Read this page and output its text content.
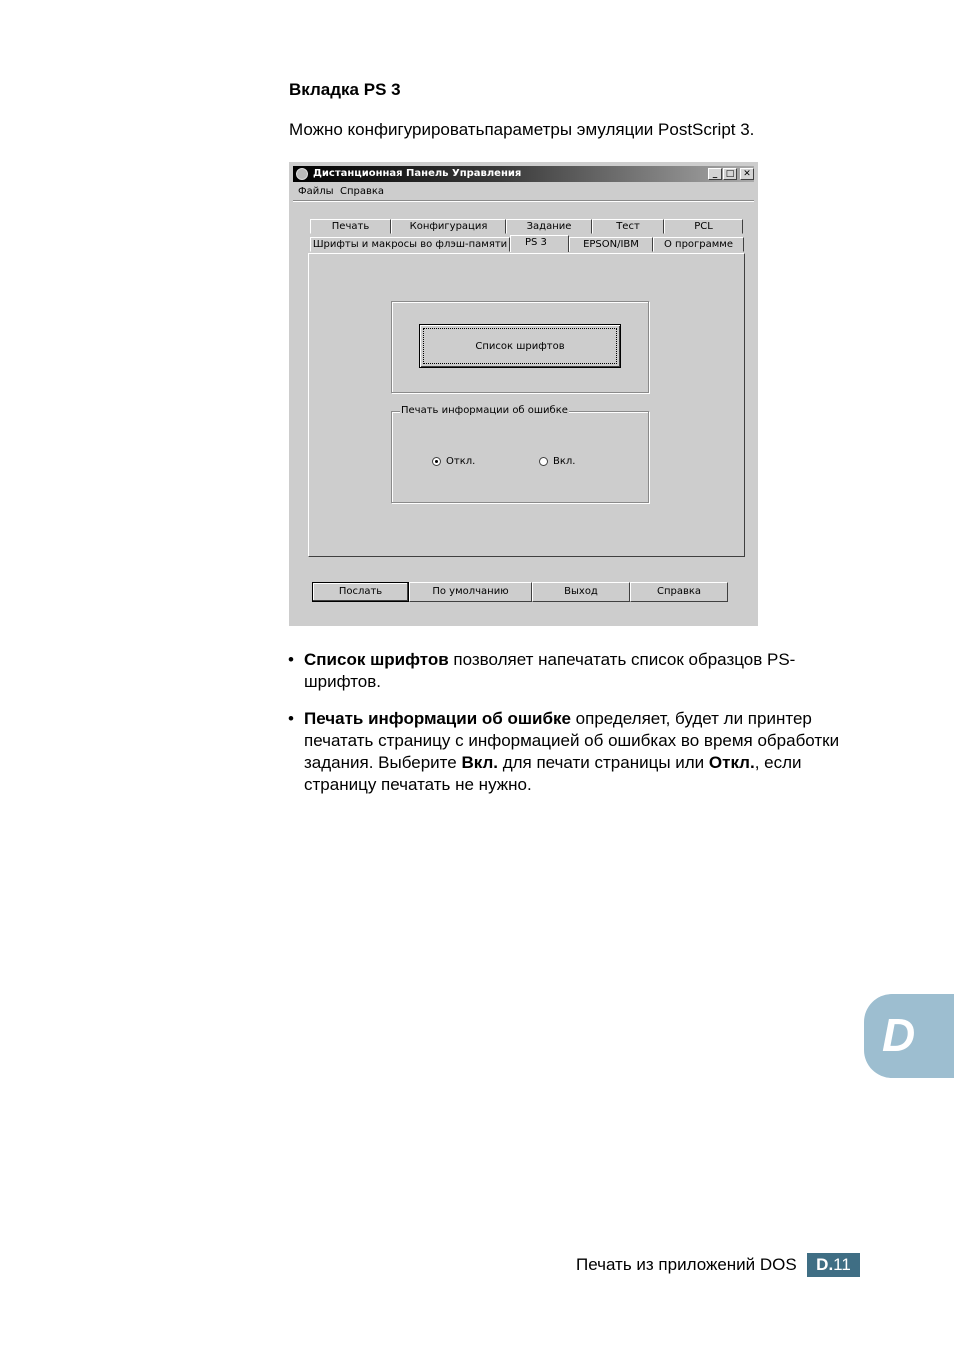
Вкладка PS 3
Можно конфигурироватьпараметры эмуляции PostScript 3.
Дистанционная Панель Управления	_ □ ✕
Файлы Справка
Печать	Конфигурация	Задание	Тест	PCL
Шрифты и макросы во флэш-памяти	PS 3	EPSON/IBM	О программе
Список шрифтов
Печать информации об ошибке
Откл.	Вкл.
Послать	По умолчанию	Выход	Справка
• Список шрифтов позволяет напечатать список образцов PS-шрифтов.
• Печать информации об ошибке определяет, будет ли принтер печатать страницу с информацией об ошибках во время обработки задания. Выберите Вкл. для печати страницы или Откл., если страницу печатать не нужно.
D
Печать из приложений DOS	D.11
